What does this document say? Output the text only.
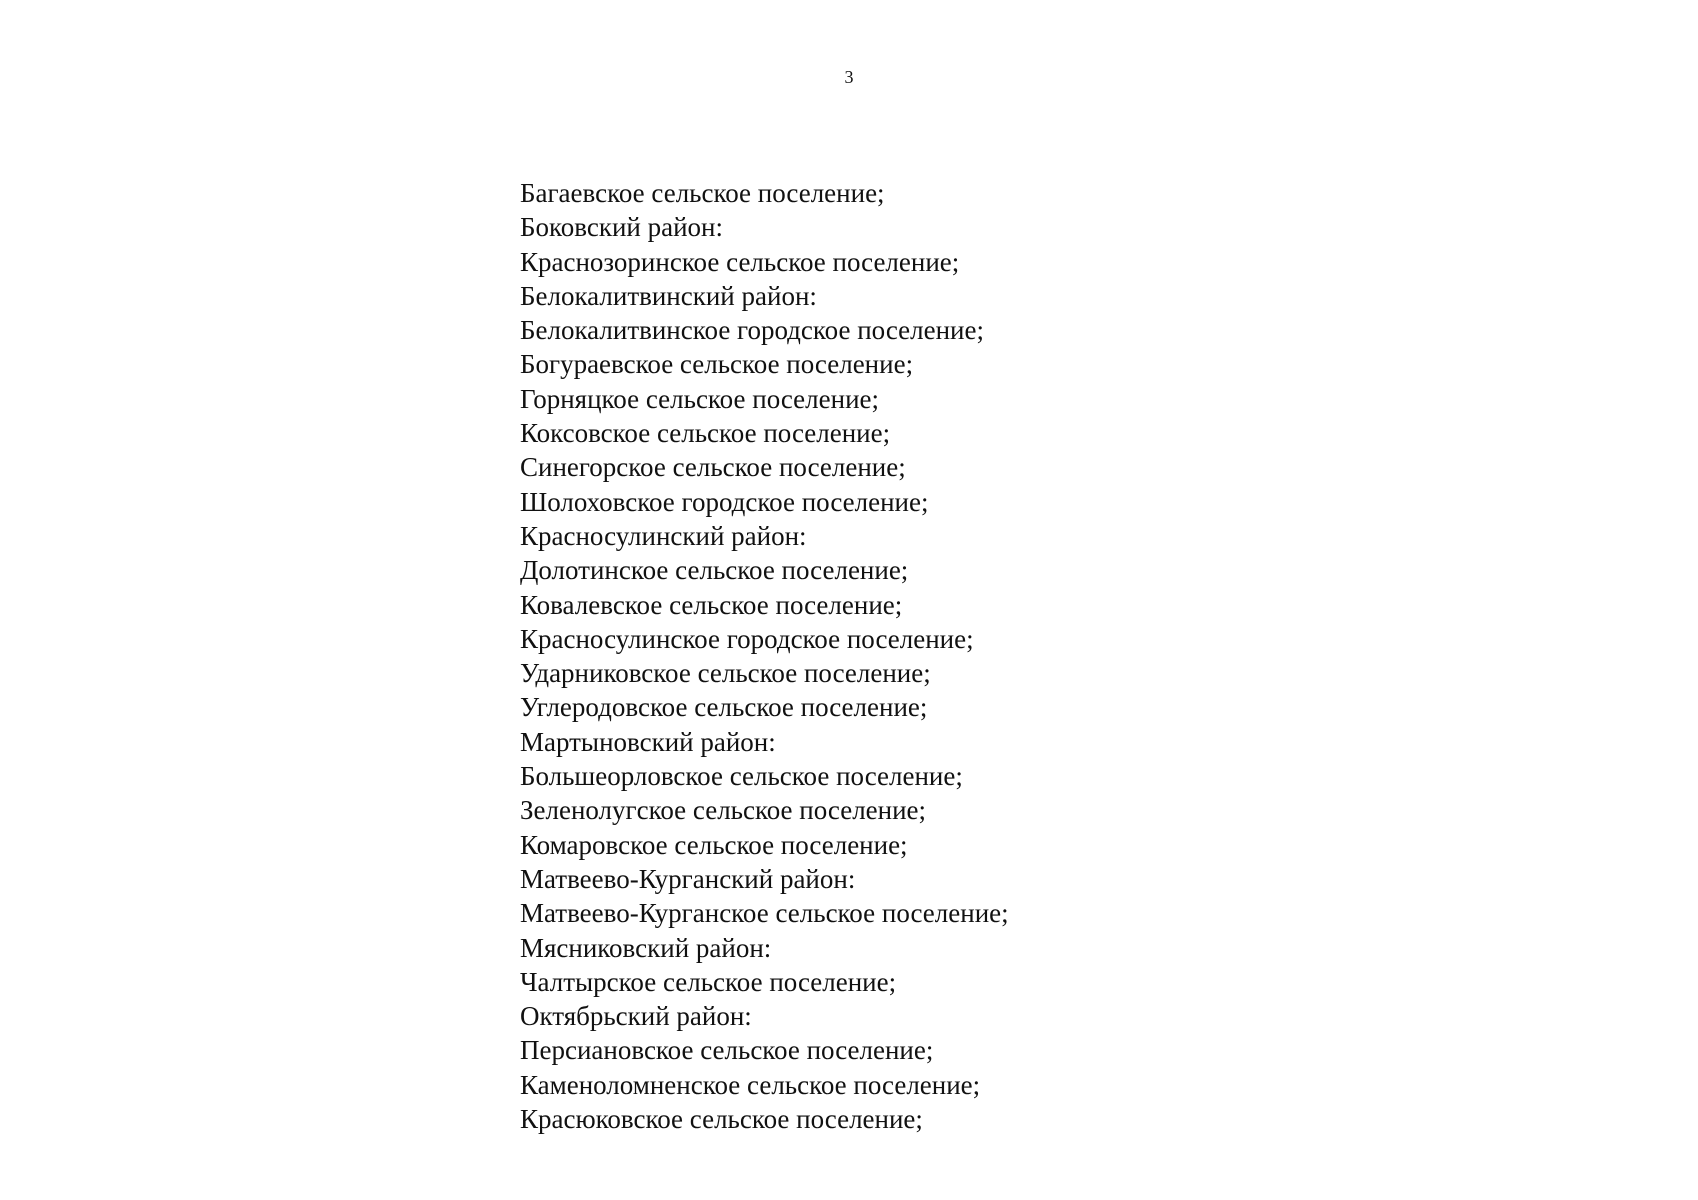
3
Багаевское сельское поселение;
Боковский район:
Краснозоринское сельское поселение;
Белокалитвинский район:
Белокалитвинское городское поселение;
Богураевское сельское поселение;
Горняцкое сельское поселение;
Коксовское сельское поселение;
Синегорское сельское поселение;
Шолоховское городское поселение;
Красносулинский район:
Долотинское сельское поселение;
Ковалевское сельское поселение;
Красносулинское городское поселение;
Ударниковское сельское поселение;
Углеродовское сельское поселение;
Мартыновский район:
Большеорловское сельское поселение;
Зеленолугское сельское поселение;
Комаровское сельское поселение;
Матвеево-Курганский район:
Матвеево-Курганское сельское поселение;
Мясниковский район:
Чалтырское сельское поселение;
Октябрьский район:
Персиановское сельское поселение;
Каменоломненское сельское поселение;
Красюковское сельское поселение;
